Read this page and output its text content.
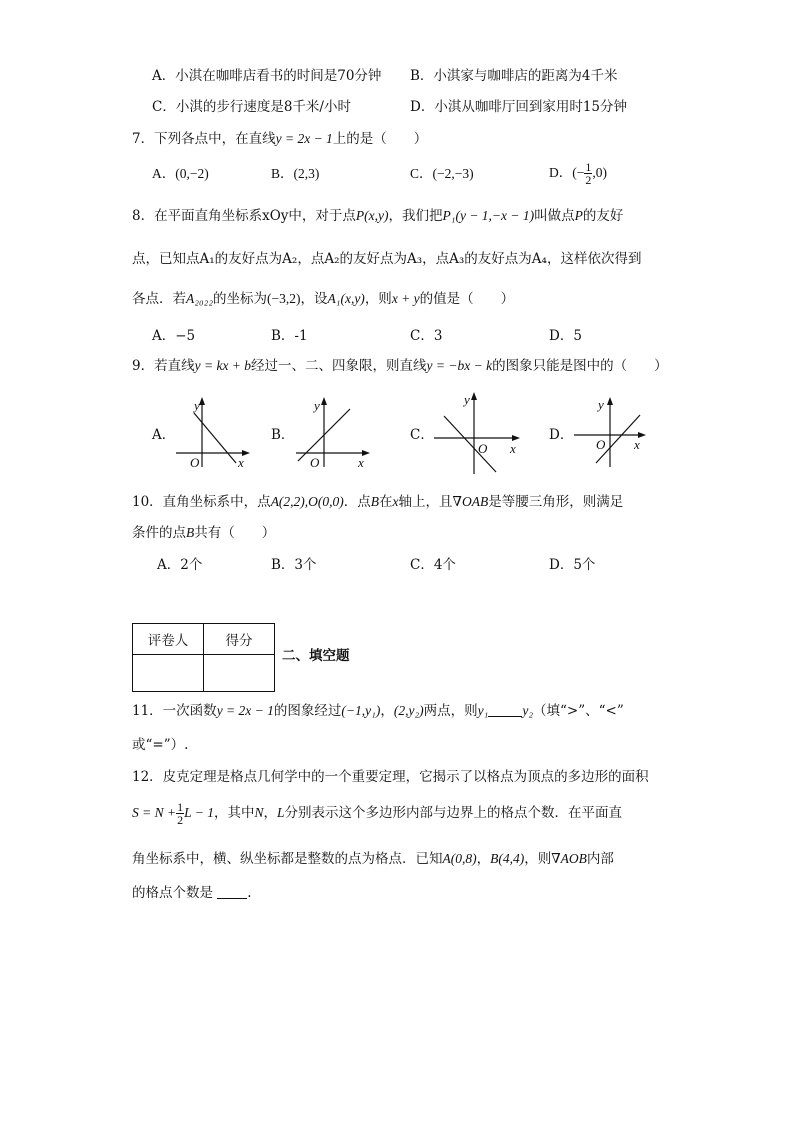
A．小淇在咖啡店看书的时间是70分钟 B．小淇家与咖啡店的距离为4千米
C．小淇的步行速度是8千米/小时	D．小淇从咖啡厅回到家用时15分钟
7．下列各点中，在直线y = 2x − 1上的是（　　）
A．(0,−2)	B．(2,3)	C．(−2,−3)	D．(− $\frac{1}{2} ,0$)
8．在平面直角坐标系xOy中，对于点P(x,y)，我们把P₁(y − 1,−x − 1)叫做点P的友好
点，已知点A₁的友好点为A₂，点A₂的友好点为A₃，点A₃的友好点为A₄，这样依次得到
各点．若A₂₀₂₂的坐标为(−3,2)，设A₁(x,y)，则x + y的值是（　　）
A．−5	B．-1	C．3	D．5
9．若直线y = kx + b经过一、二、四象限，则直线y = −bx − k的图象只能是图中的（　　）
A．
y
x
O
B．
y
x
O
C．
y
x
O
D．
y
x
O
10．直角坐标系中，点A(2,2),O(0,0)．点B在x轴上，且∇OAB是等腰三角形，则满足
条件的点B共有（　　）
A．2个	B．3个	C．4个	D．5个
评卷人	得分

二、填空题
11．一次函数y = 2x − 1的图象经过(−1,y₁)，(2,y₂)两点，则y₁	y₂（填“>”、“<”
或“=”）.
12．皮克定理是格点几何学中的一个重要定理，它揭示了以格点为顶点的多边形的面积
$S = N + \frac{1}{2}$ L − 1，其中N，L分别表示这个多边形内部与边界上的格点个数．在平面直
角坐标系中，横、纵坐标都是整数的点为格点．已知A(0,8)，B(4,4)，则∇AOB内部
的格点个数是	.
